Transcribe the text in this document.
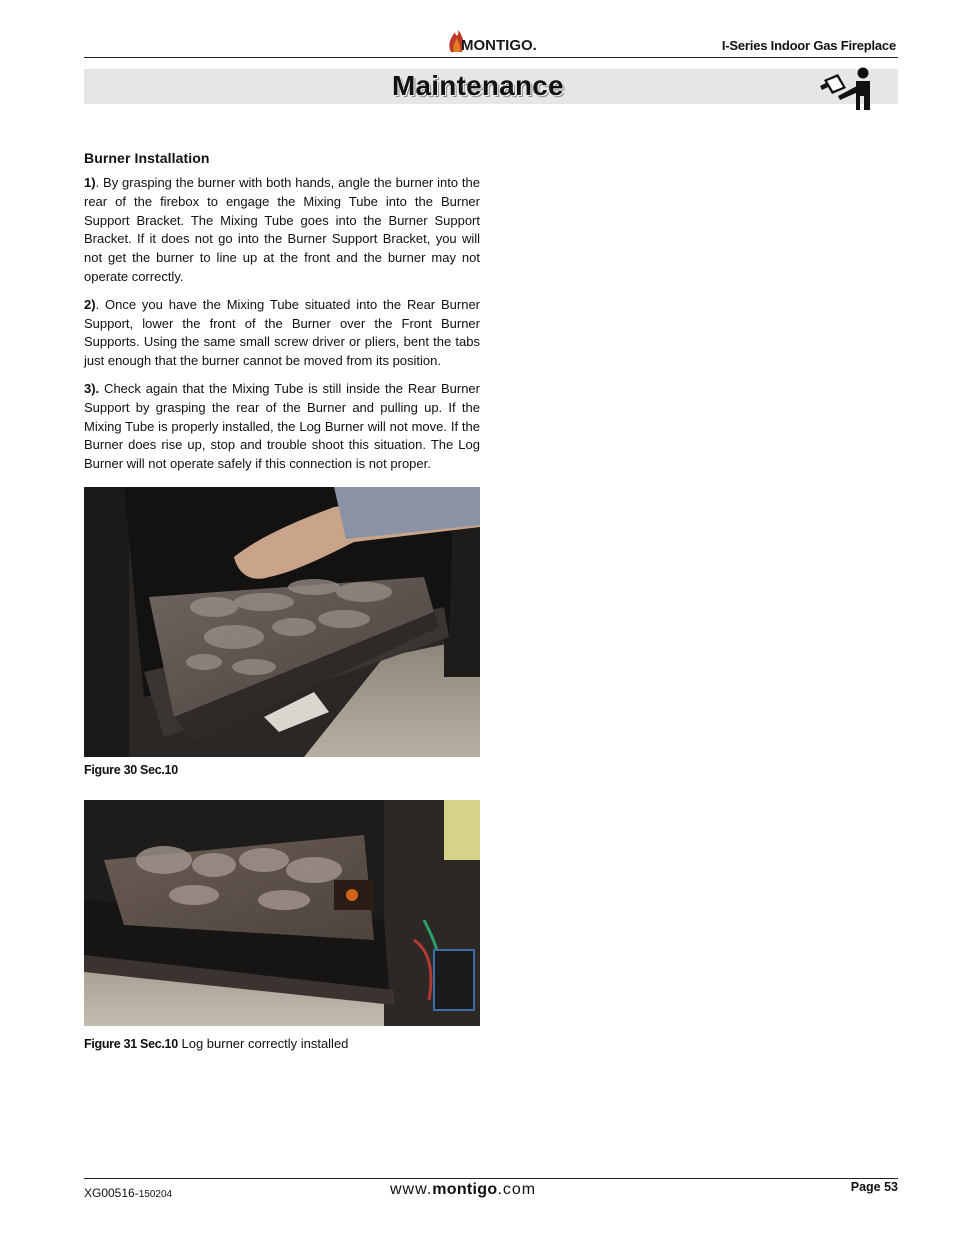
MONTIGO.	I-Series Indoor Gas Fireplace
Maintenance
Burner Installation

1). By grasping the burner with both hands, angle the burner into the rear of the firebox to engage the Mixing Tube into the Burner Support Bracket. The Mixing Tube goes into the Burner Support Bracket. If it does not go into the Burner Support Bracket, you will not get the burner to line up at the front and the burner may not operate correctly.

2). Once you have the Mixing Tube situated into the Rear Burner Support, lower the front of the Burner over the Front Burner Supports. Using the same small screw driver or pliers, bent the tabs just enough that the burner cannot be moved from its position.

3). Check again that the Mixing Tube is still inside the Rear Burner Support by grasping the rear of the Burner and pulling up. If the Mixing Tube is properly installed, the Log Burner will not move. If the Burner does rise up, stop and trouble shoot this situation. The Log Burner will not operate safely if this connection is not proper.

Figure 30 Sec.10
Figure 31 Sec.10 Log burner correctly installed
XG00516-150204	www.montigo.com	Page 53
